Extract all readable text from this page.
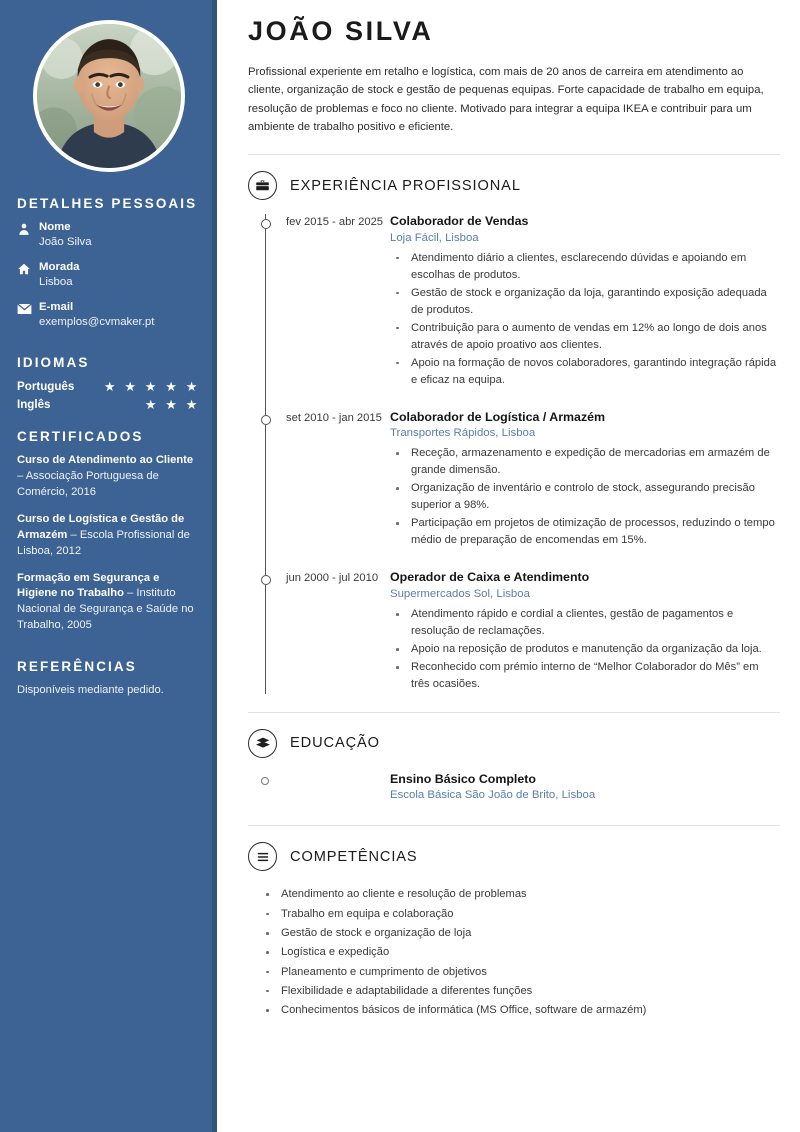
DETALHES PESSOAIS
Nome
João Silva
Morada
Lisboa
E-mail
exemplos@cvmaker.pt
IDIOMAS
Português ★ ★ ★ ★ ★
Inglês	★ ★ ★
CERTIFICADOS
Curso de Atendimento ao Cliente – Associação Portuguesa de Comércio, 2016
Curso de Logística e Gestão de Armazém – Escola Profissional de Lisboa, 2012
Formação em Segurança e Higiene no Trabalho – Instituto Nacional de Segurança e Saúde no Trabalho, 2005
REFERÊNCIAS
Disponíveis mediante pedido.
JOÃO SILVA

Profissional experiente em retalho e logística, com mais de 20 anos de carreira em atendimento ao cliente, organização de stock e gestão de pequenas equipas. Forte capacidade de trabalho em equipa, resolução de problemas e foco no cliente. Motivado para integrar a equipa IKEA e contribuir para um ambiente de trabalho positivo e eficiente.

EXPERIÊNCIA PROFISSIONAL
fev 2015 - abr 2025 Colaborador de Vendas
Loja Fácil, Lisboa
Atendimento diário a clientes, esclarecendo dúvidas e apoiando em escolhas de produtos.
Gestão de stock e organização da loja, garantindo exposição adequada de produtos.
Contribuição para o aumento de vendas em 12% ao longo de dois anos através de apoio proativo aos clientes.
Apoio na formação de novos colaboradores, garantindo integração rápida e eficaz na equipa.
set 2010 - jan 2015 Colaborador de Logística / Armazém
Transportes Rápidos, Lisboa
Receção, armazenamento e expedição de mercadorias em armazém de grande dimensão.
Organização de inventário e controlo de stock, assegurando precisão superior a 98%.
Participação em projetos de otimização de processos, reduzindo o tempo médio de preparação de encomendas em 15%.
jun 2000 - jul 2010 Operador de Caixa e Atendimento
Supermercados Sol, Lisboa
Atendimento rápido e cordial a clientes, gestão de pagamentos e resolução de reclamações.
Apoio na reposição de produtos e manutenção da organização da loja.
Reconhecido com prémio interno de “Melhor Colaborador do Mês” em três ocasiões.
EDUCAÇÃO
Ensino Básico Completo
Escola Básica São João de Brito, Lisboa
COMPETÊNCIAS
Atendimento ao cliente e resolução de problemas
Trabalho em equipa e colaboração
Gestão de stock e organização de loja
Logística e expedição
Planeamento e cumprimento de objetivos
Flexibilidade e adaptabilidade a diferentes funções
Conhecimentos básicos de informática (MS Office, software de armazém)
